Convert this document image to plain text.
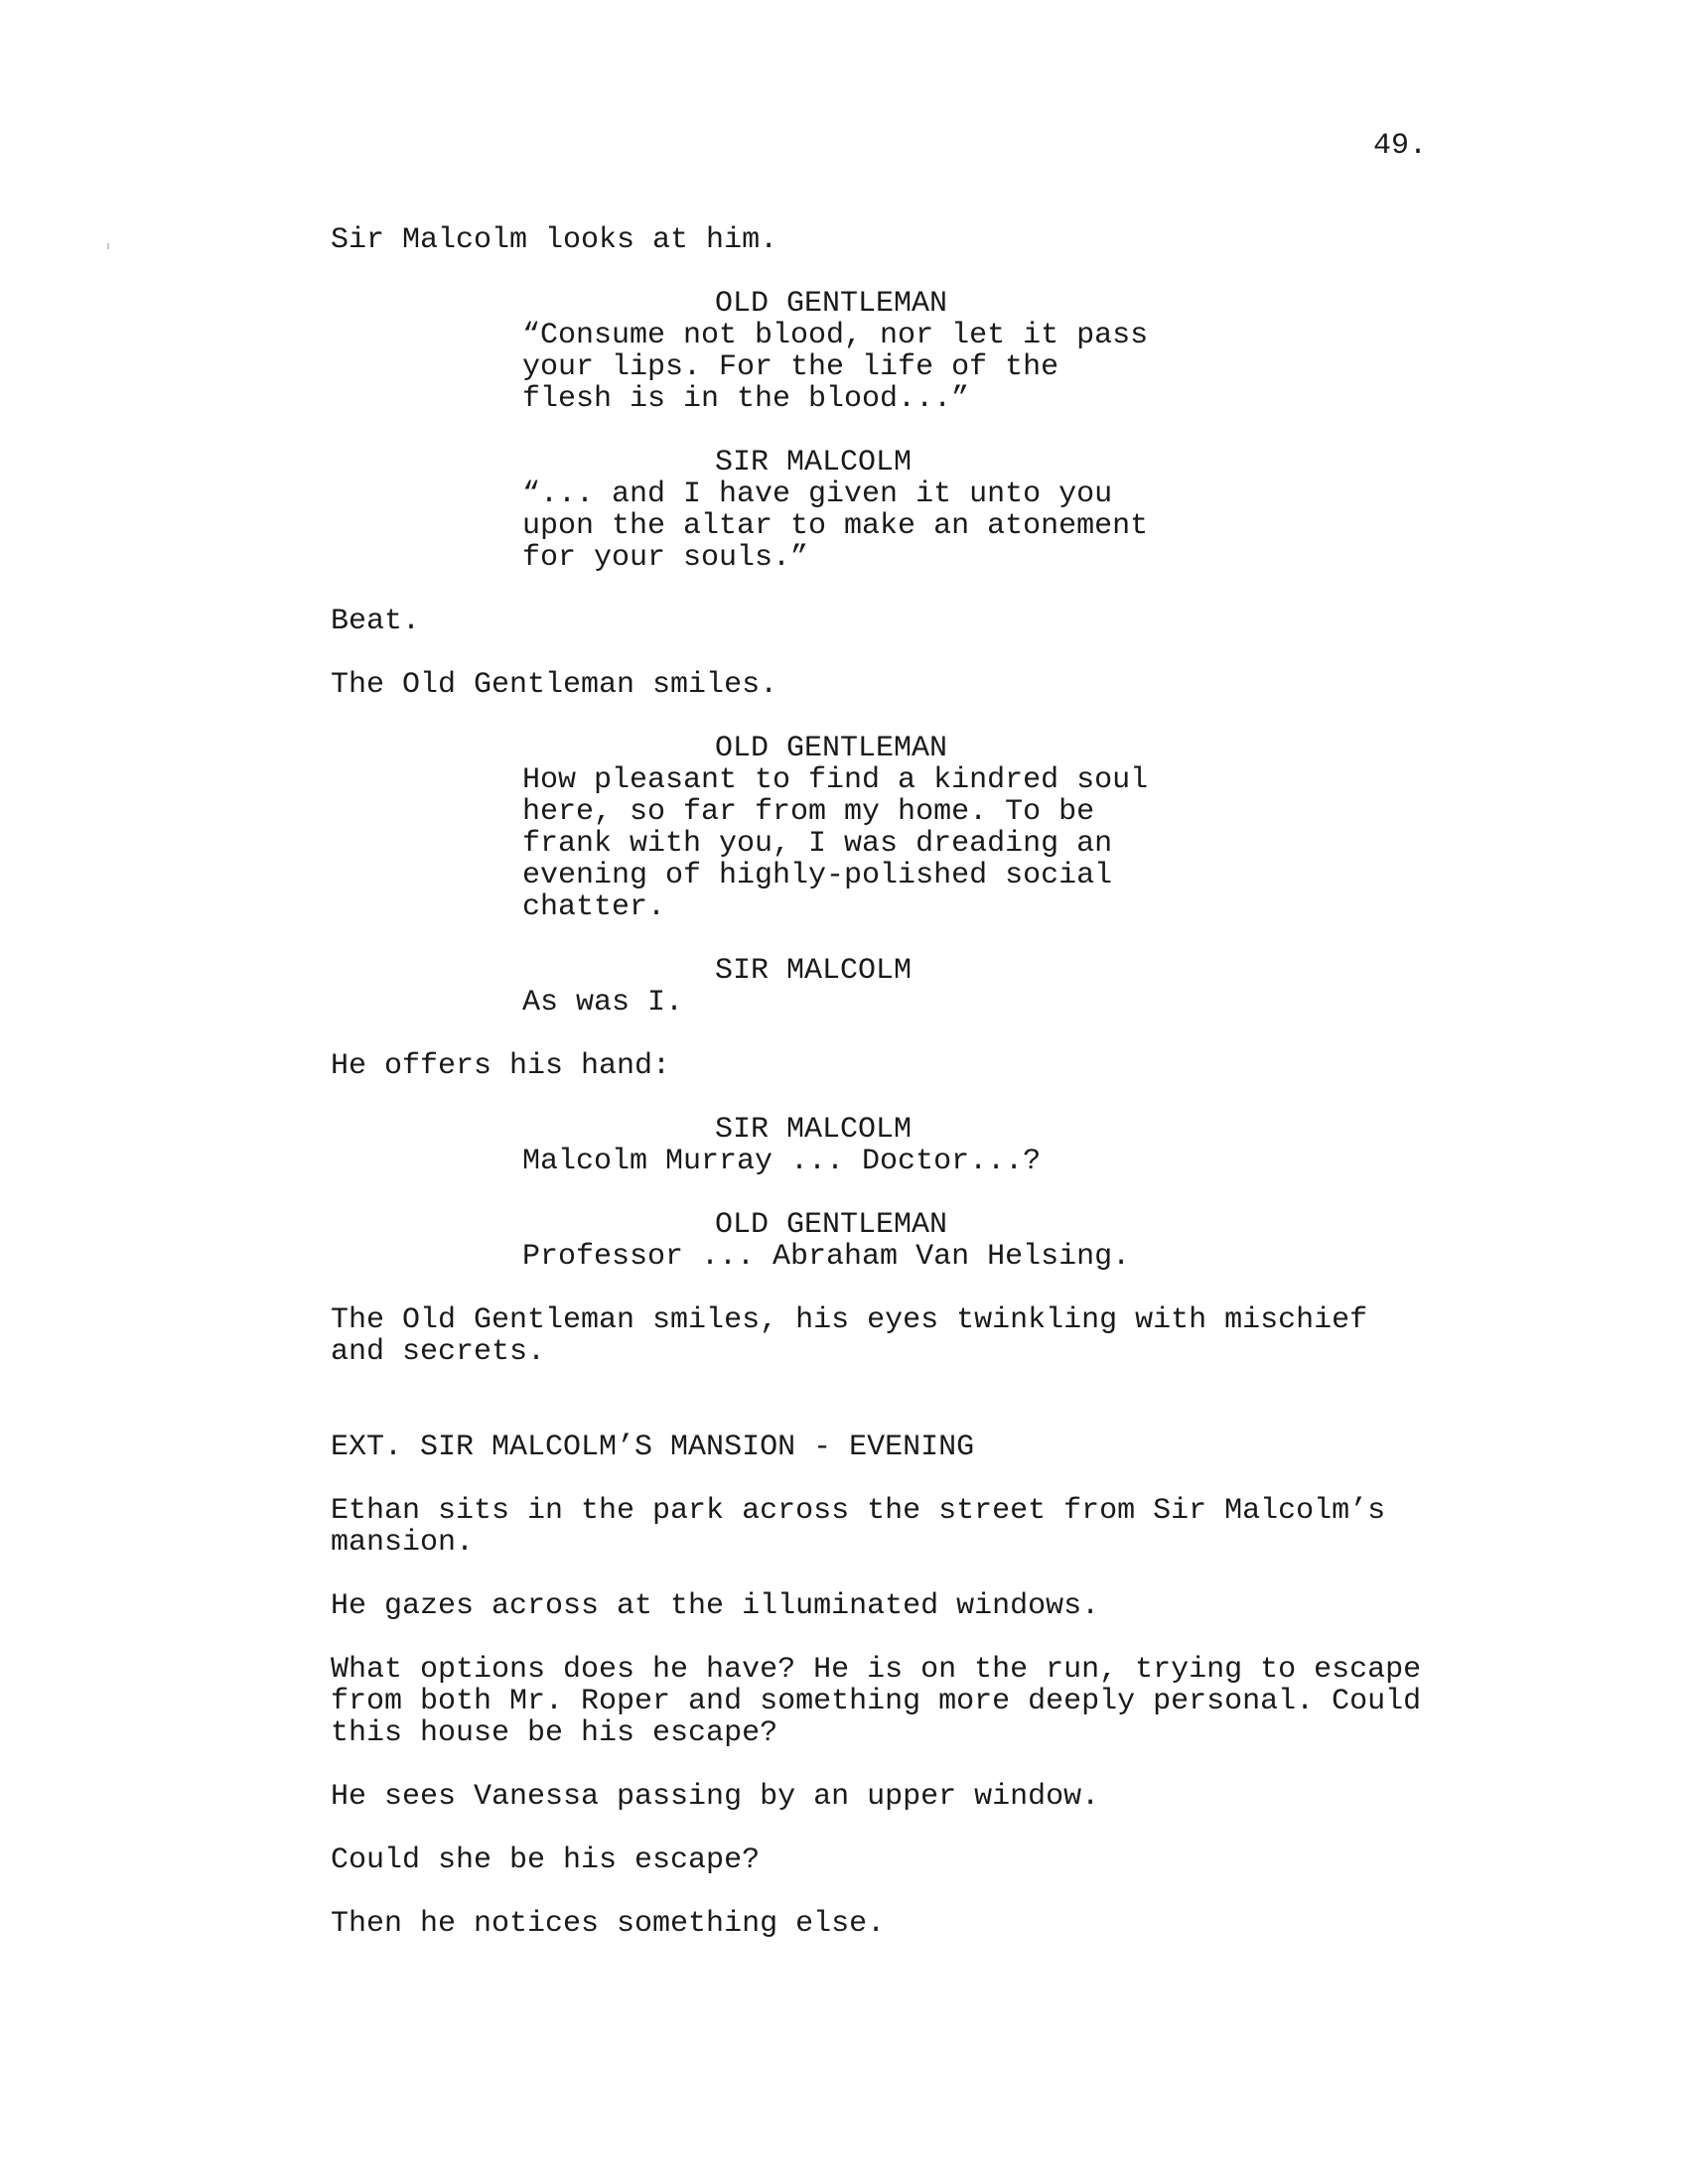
49.

Sir Malcolm looks at him.

OLD GENTLEMAN

“Consume not blood, nor let it pass
your lips. For the life of the
flesh is in the blood...”

SIR MALCOLM

“... and I have given it unto you
upon the altar to make an atonement
for your souls.”

Beat.

The Old Gentleman smiles.

OLD GENTLEMAN

How pleasant to find a kindred soul
here, so far from my home. To be
frank with you, I was dreading an
evening of highly-polished social
chatter.

SIR MALCOLM

As was I.

He offers his hand:

SIR MALCOLM

Malcolm Murray ... Doctor...?

OLD GENTLEMAN

Professor ... Abraham Van Helsing.

The Old Gentleman smiles, his eyes twinkling with mischief
and secrets.

EXT. SIR MALCOLM’S MANSION - EVENING

Ethan sits in the park across the street from Sir Malcolm’s
mansion.

He gazes across at the illuminated windows.

What options does he have? He is on the run, trying to escape
from both Mr. Roper and something more deeply personal. Could
this house be his escape?

He sees Vanessa passing by an upper window.

Could she be his escape?

Then he notices something else.
